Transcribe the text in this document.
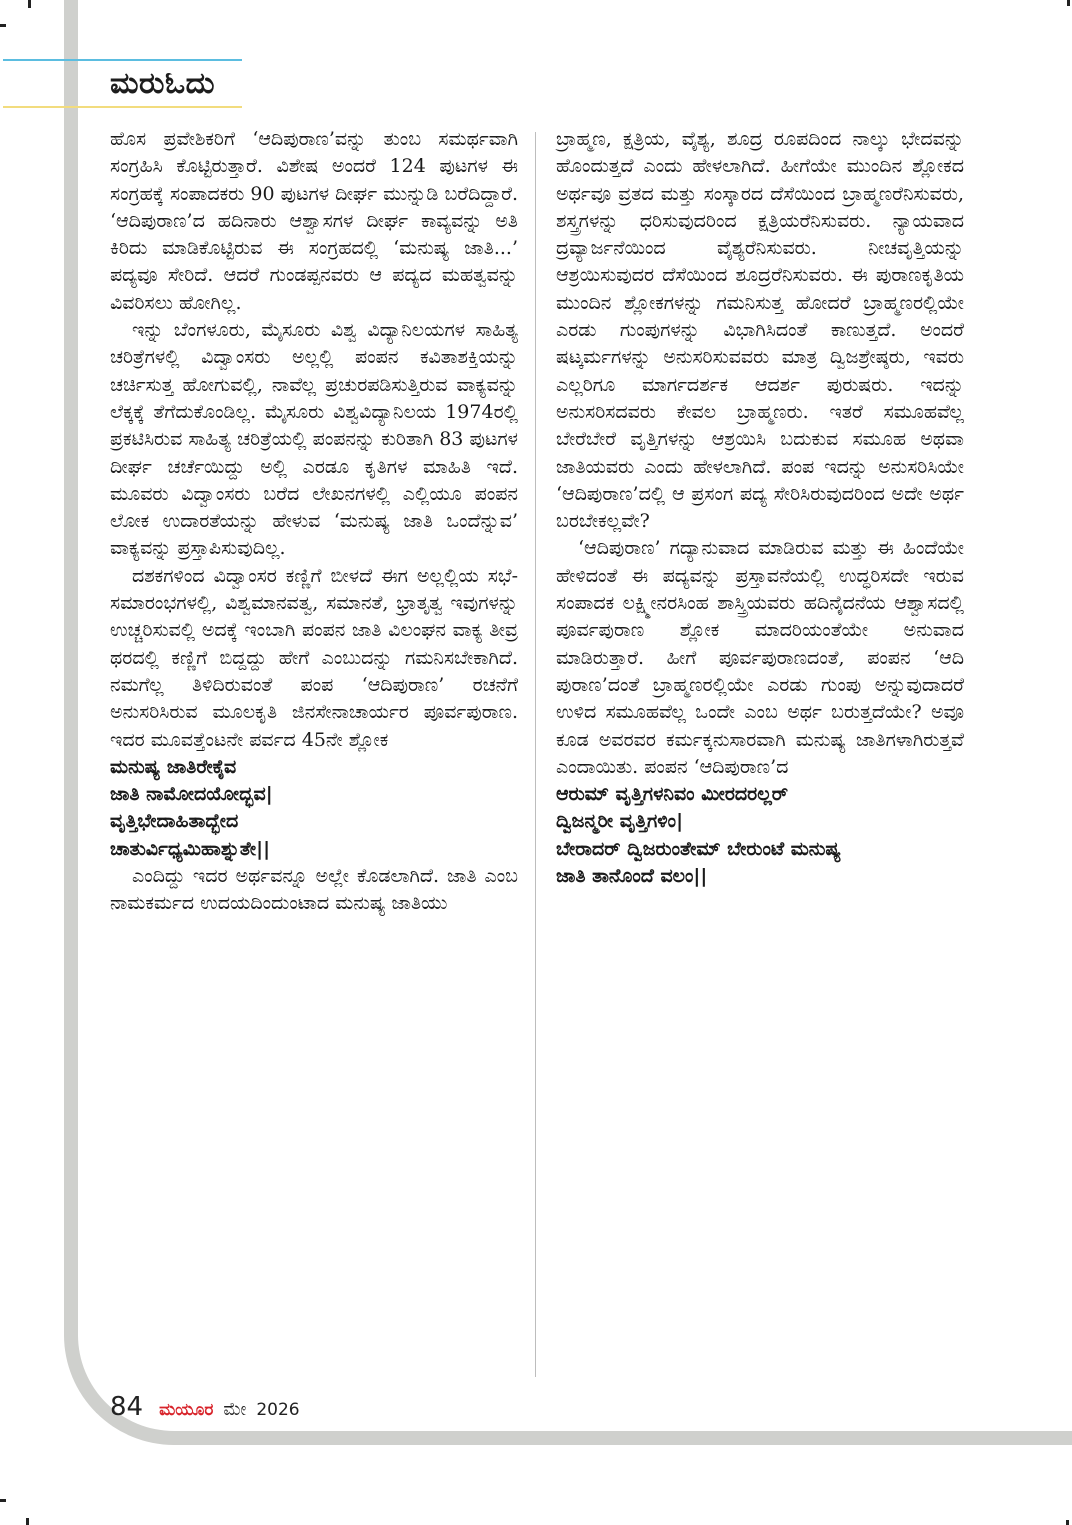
ಮರುಓದು

ಹೊಸ ಪ್ರವೇಶಿಕರಿಗೆ ‘ಆದಿಪುರಾಣ’ವನ್ನು ತುಂಬ ಸಮರ್ಥವಾಗಿ ಸಂಗ್ರಹಿಸಿ ಕೊಟ್ಟಿರುತ್ತಾರೆ. ವಿಶೇಷ ಅಂದರೆ 124 ಪುಟಗಳ ಈ ಸಂಗ್ರಹಕ್ಕೆ ಸಂಪಾದಕರು 90 ಪುಟಗಳ ದೀರ್ಘ ಮುನ್ನುಡಿ ಬರೆದಿದ್ದಾರೆ. ‘ಆದಿಪುರಾಣ’ದ ಹದಿನಾರು ಆಶ್ವಾಸಗಳ ದೀರ್ಘ ಕಾವ್ಯವನ್ನು ಅತಿ ಕಿರಿದು ಮಾಡಿಕೊಟ್ಟಿರುವ ಈ ಸಂಗ್ರಹದಲ್ಲಿ ‘ಮನುಷ್ಯ ಜಾತಿ...’ ಪದ್ಯವೂ ಸೇರಿದೆ. ಆದರೆ ಗುಂಡಪ್ಪನವರು ಆ ಪದ್ಯದ ಮಹತ್ವವನ್ನು ವಿವರಿಸಲು ಹೋಗಿಲ್ಲ.

ಇನ್ನು ಬೆಂಗಳೂರು, ಮೈಸೂರು ವಿಶ್ವ ವಿದ್ಯಾನಿಲಯಗಳ ಸಾಹಿತ್ಯ ಚರಿತ್ರೆಗಳಲ್ಲಿ ವಿದ್ವಾಂಸರು ಅಲ್ಲಲ್ಲಿ ಪಂಪನ ಕವಿತಾಶಕ್ತಿಯನ್ನು ಚರ್ಚಿಸುತ್ತ ಹೋಗುವಲ್ಲಿ, ನಾವೆಲ್ಲ ಪ್ರಚುರಪಡಿಸುತ್ತಿರುವ ವಾಕ್ಯವನ್ನು ಲೆಕ್ಕಕ್ಕೆ ತೆಗೆದುಕೊಂಡಿಲ್ಲ. ಮೈಸೂರು ವಿಶ್ವವಿದ್ಯಾನಿಲಯ 1974ರಲ್ಲಿ ಪ್ರಕಟಿಸಿರುವ ಸಾಹಿತ್ಯ ಚರಿತ್ರೆಯಲ್ಲಿ ಪಂಪನನ್ನು ಕುರಿತಾಗಿ 83 ಪುಟಗಳ ದೀರ್ಘ ಚರ್ಚೆಯಿದ್ದು ಅಲ್ಲಿ ಎರಡೂ ಕೃತಿಗಳ ಮಾಹಿತಿ ಇದೆ. ಮೂವರು ವಿದ್ವಾಂಸರು ಬರೆದ ಲೇಖನಗಳಲ್ಲಿ ಎಲ್ಲಿಯೂ ಪಂಪನ ಲೋಕ ಉದಾರತೆಯನ್ನು ಹೇಳುವ ‘ಮನುಷ್ಯ ಜಾತಿ ಒಂದೆನ್ನುವ’ ವಾಕ್ಯವನ್ನು ಪ್ರಸ್ತಾಪಿಸುವುದಿಲ್ಲ.

ದಶಕಗಳಿಂದ ವಿದ್ವಾಂಸರ ಕಣ್ಣಿಗೆ ಬೀಳದೆ ಈಗ ಅಲ್ಲಲ್ಲಿಯ ಸಭೆ- ಸಮಾರಂಭಗಳಲ್ಲಿ, ವಿಶ್ವಮಾನವತ್ವ, ಸಮಾನತೆ, ಭ್ರಾತೃತ್ವ ಇವುಗಳನ್ನು ಉಚ್ಚರಿಸುವಲ್ಲಿ ಅದಕ್ಕೆ ಇಂಬಾಗಿ ಪಂಪನ ಜಾತಿ ವಿಲಂಘನ ವಾಕ್ಯ ತೀವ್ರ ಥರದಲ್ಲಿ ಕಣ್ಣಿಗೆ ಬಿದ್ದದ್ದು ಹೇಗೆ ಎಂಬುದನ್ನು ಗಮನಿಸಬೇಕಾಗಿದೆ. ನಮಗೆಲ್ಲ ತಿಳಿದಿರುವಂತೆ ಪಂಪ ‘ಆದಿಪುರಾಣ’ ರಚನೆಗೆ ಅನುಸರಿಸಿರುವ ಮೂಲಕೃತಿ ಜಿನಸೇನಾಚಾರ್ಯರ ಪೂರ್ವಪುರಾಣ. ಇದರ ಮೂವತ್ತೆಂಟನೇ ಪರ್ವದ 45ನೇ ಶ್ಲೋಕ

ಮನುಷ್ಯ ಜಾತಿರೇಕೈವ

ಜಾತಿ ನಾಮೋದಯೋದ್ಭವ|

ವೃತ್ತಿಭೇದಾಹಿತಾದ್ಭೇದ

ಚಾತುರ್ವಿಧ್ಯಮಿಹಾಶ್ನುತೇ||

ಎಂದಿದ್ದು ಇದರ ಅರ್ಥವನ್ನೂ ಅಲ್ಲೇ ಕೊಡಲಾಗಿದೆ. ಜಾತಿ ಎಂಬ ನಾಮಕರ್ಮದ ಉದಯದಿಂದುಂಟಾದ ಮನುಷ್ಯ ಜಾತಿಯು

ಬ್ರಾಹ್ಮಣ, ಕ್ಷತ್ರಿಯ, ವೈಶ್ಯ, ಶೂದ್ರ ರೂಪದಿಂದ ನಾಲ್ಕು ಭೇದವನ್ನು ಹೊಂದುತ್ತದೆ ಎಂದು ಹೇಳಲಾಗಿದೆ. ಹೀಗೆಯೇ ಮುಂದಿನ ಶ್ಲೋಕದ ಅರ್ಥವೂ ವ್ರತದ ಮತ್ತು ಸಂಸ್ಕಾರದ ದೆಸೆಯಿಂದ ಬ್ರಾಹ್ಮಣರೆನಿಸುವರು, ಶಸ್ತ್ರಗಳನ್ನು ಧರಿಸುವುದರಿಂದ ಕ್ಷತ್ರಿಯರೆನಿಸುವರು. ನ್ಯಾಯವಾದ ದ್ರವ್ಯಾರ್ಜನೆಯಿಂದ ವೈಶ್ಯರೆನಿಸುವರು. ನೀಚವೃತ್ತಿಯನ್ನು ಆಶ್ರಯಿಸುವುದರ ದೆಸೆಯಿಂದ ಶೂದ್ರರೆನಿಸುವರು. ಈ ಪುರಾಣಕೃತಿಯ ಮುಂದಿನ ಶ್ಲೋಕಗಳನ್ನು ಗಮನಿಸುತ್ತ ಹೋದರೆ ಬ್ರಾಹ್ಮಣರಲ್ಲಿಯೇ ಎರಡು ಗುಂಪುಗಳನ್ನು ವಿಭಾಗಿಸಿದಂತೆ ಕಾಣುತ್ತದೆ. ಅಂದರೆ ಷಟ್ಕರ್ಮಗಳನ್ನು ಅನುಸರಿಸುವವರು ಮಾತ್ರ ದ್ವಿಜಶ್ರೇಷ್ಠರು, ಇವರು ಎಲ್ಲರಿಗೂ ಮಾರ್ಗದರ್ಶಕ ಆದರ್ಶ ಪುರುಷರು. ಇದನ್ನು ಅನುಸರಿಸದವರು ಕೇವಲ ಬ್ರಾಹ್ಮಣರು. ಇತರೆ ಸಮೂಹವೆಲ್ಲ ಬೇರೆಬೇರೆ ವೃತ್ತಿಗಳನ್ನು ಆಶ್ರಯಿಸಿ ಬದುಕುವ ಸಮೂಹ ಅಥವಾ ಜಾತಿಯವರು ಎಂದು ಹೇಳಲಾಗಿದೆ. ಪಂಪ ಇದನ್ನು ಅನುಸರಿಸಿಯೇ ‘ಆದಿಪುರಾಣ’ದಲ್ಲಿ ಆ ಪ್ರಸಂಗ ಪದ್ಯ ಸೇರಿಸಿರುವುದರಿಂದ ಅದೇ ಅರ್ಥ ಬರಬೇಕಲ್ಲವೇ?

‘ಆದಿಪುರಾಣ’ ಗದ್ಯಾನುವಾದ ಮಾಡಿರುವ ಮತ್ತು ಈ ಹಿಂದೆಯೇ ಹೇಳಿದಂತೆ ಈ ಪದ್ಯವನ್ನು ಪ್ರಸ್ತಾವನೆಯಲ್ಲಿ ಉದ್ಧರಿಸದೇ ಇರುವ ಸಂಪಾದಕ ಲಕ್ಷ್ಮೀನರಸಿಂಹ ಶಾಸ್ತ್ರಿಯವರು ಹದಿನೈದನೆಯ ಆಶ್ವಾಸದಲ್ಲಿ ಪೂರ್ವಪುರಾಣ ಶ್ಲೋಕ ಮಾದರಿಯಂತೆಯೇ ಅನುವಾದ ಮಾಡಿರುತ್ತಾರೆ. ಹೀಗೆ ಪೂರ್ವಪುರಾಣದಂತೆ, ಪಂಪನ ‘ಆದಿ ಪುರಾಣ’ದಂತೆ ಬ್ರಾಹ್ಮಣರಲ್ಲಿಯೇ ಎರಡು ಗುಂಪು ಅನ್ನುವುದಾದರೆ ಉಳಿದ ಸಮೂಹವೆಲ್ಲ ಒಂದೇ ಎಂಬ ಅರ್ಥ ಬರುತ್ತದೆಯೇ? ಅವೂ ಕೂಡ ಅವರವರ ಕರ್ಮಕ್ಕನುಸಾರವಾಗಿ ಮನುಷ್ಯ ಜಾತಿಗಳಾಗಿರುತ್ತವೆ ಎಂದಾಯಿತು. ಪಂಪನ ‘ಆದಿಪುರಾಣ’ದ

ಆರುಮ್ ವೃತ್ತಿಗಳನಿವಂ ಮೀರದರಲ್ಲರ್

ದ್ವಿಜನ್ಮರೀ ವೃತ್ತಿಗಳಿಂ|

ಬೇರಾದರ್ ದ್ವಿಜರುಂತೇಮ್ ಬೇರುಂಟೆ ಮನುಷ್ಯ

ಜಾತಿ ತಾನೊಂದೆ ವಲಂ||

84 ಮಯೂರ ಮೇ 2026
